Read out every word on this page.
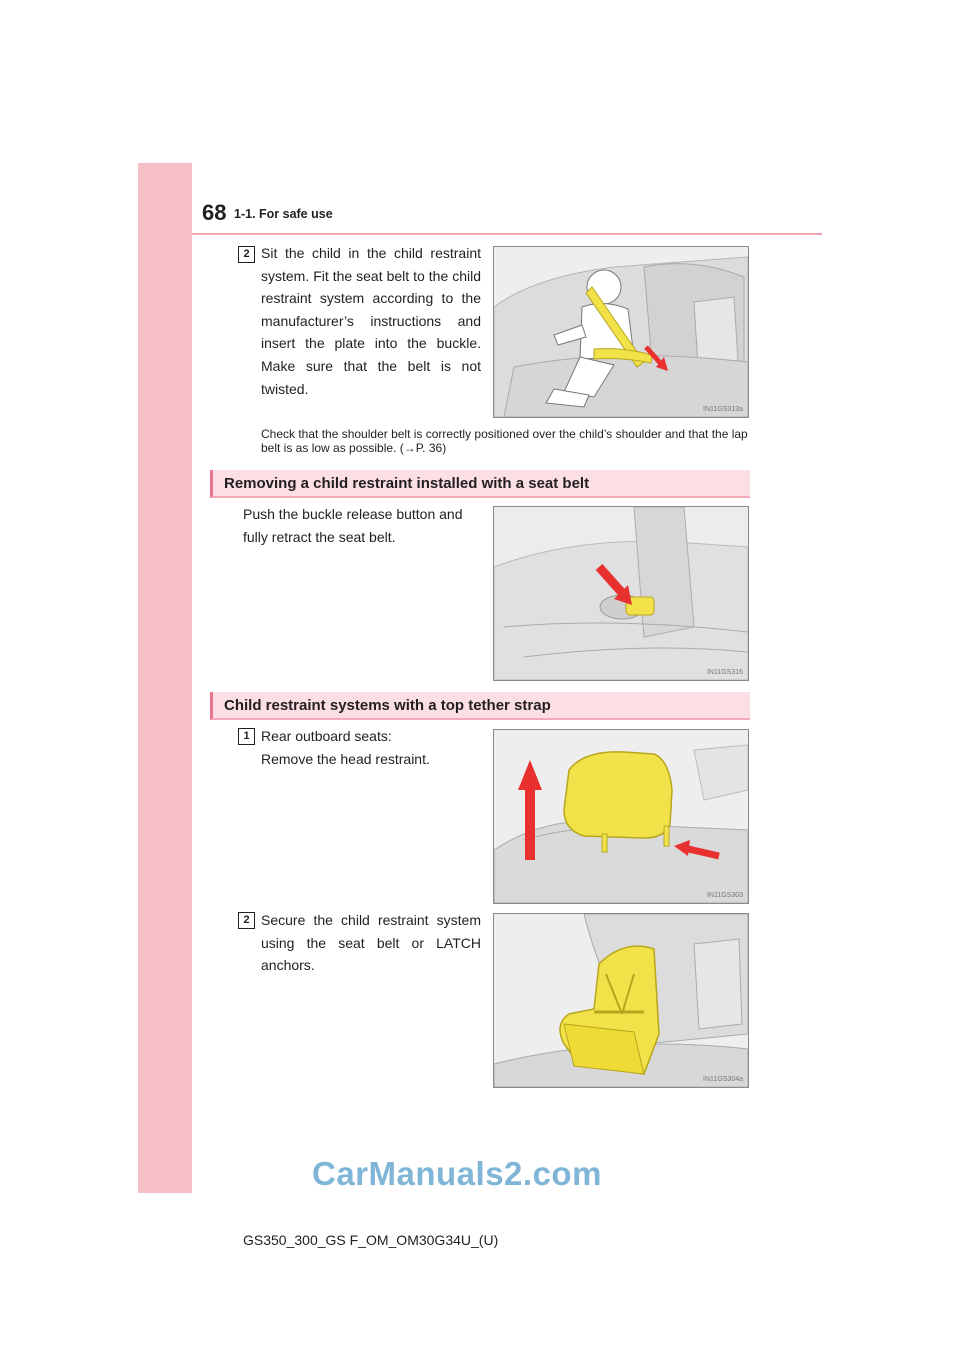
68 1-1. For safe use
2 Sit the child in the child restraint system. Fit the seat belt to the child restraint system according to the manufacturer’s instructions and insert the plate into the buckle. Make sure that the belt is not twisted.
IN11GS313a
Check that the shoulder belt is correctly positioned over the child’s shoulder and that the lap belt is as low as possible. (→P. 36)
Removing a child restraint installed with a seat belt
Push the buckle release button and fully retract the seat belt.
IN11GS316
Child restraint systems with a top tether strap
1 Rear outboard seats:
Remove the head restraint.
IN11GS303
2 Secure the child restraint system using the seat belt or LATCH anchors.
IN11GS304a
CarManuals2.com
GS350_300_GS F_OM_OM30G34U_(U)
